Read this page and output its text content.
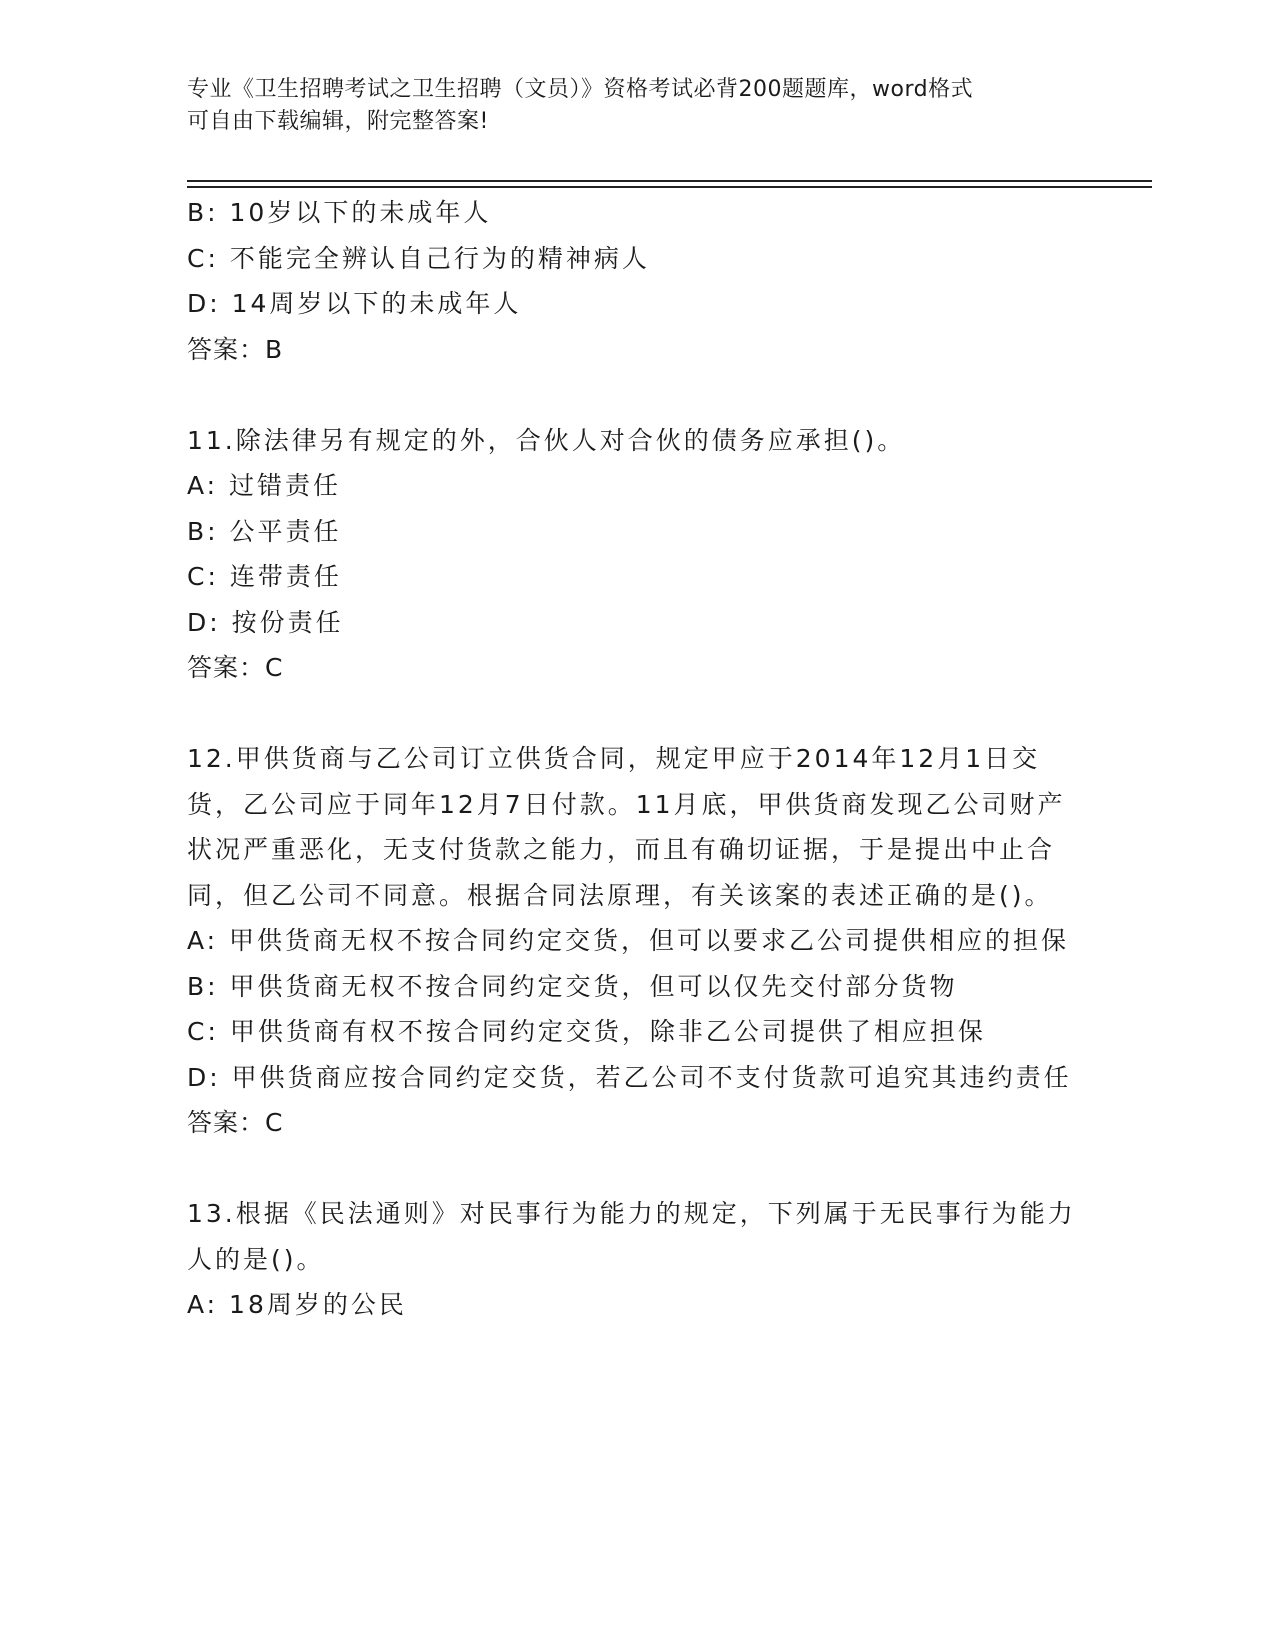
专业《卫生招聘考试之卫生招聘（文员）》资格考试必背200题题库，word格式

可自由下载编辑，附完整答案!

B: 10岁以下的未成年人

C: 不能完全辨认自己行为的精神病人

D: 14周岁以下的未成年人

答案：B

11.除法律另有规定的外，合伙人对合伙的债务应承担()。

A: 过错责任

B: 公平责任

C: 连带责任

D: 按份责任

答案：C

12.甲供货商与乙公司订立供货合同，规定甲应于2014年12月1日交货，乙公司应于同年12月7日付款。11月底，甲供货商发现乙公司财产状况严重恶化，无支付货款之能力，而且有确切证据，于是提出中止合同，但乙公司不同意。根据合同法原理，有关该案的表述正确的是()。

A: 甲供货商无权不按合同约定交货，但可以要求乙公司提供相应的担保

B: 甲供货商无权不按合同约定交货，但可以仅先交付部分货物

C: 甲供货商有权不按合同约定交货，除非乙公司提供了相应担保

D: 甲供货商应按合同约定交货，若乙公司不支付货款可追究其违约责任

答案：C

13.根据《民法通则》对民事行为能力的规定，下列属于无民事行为能力人的是()。

A: 18周岁的公民
